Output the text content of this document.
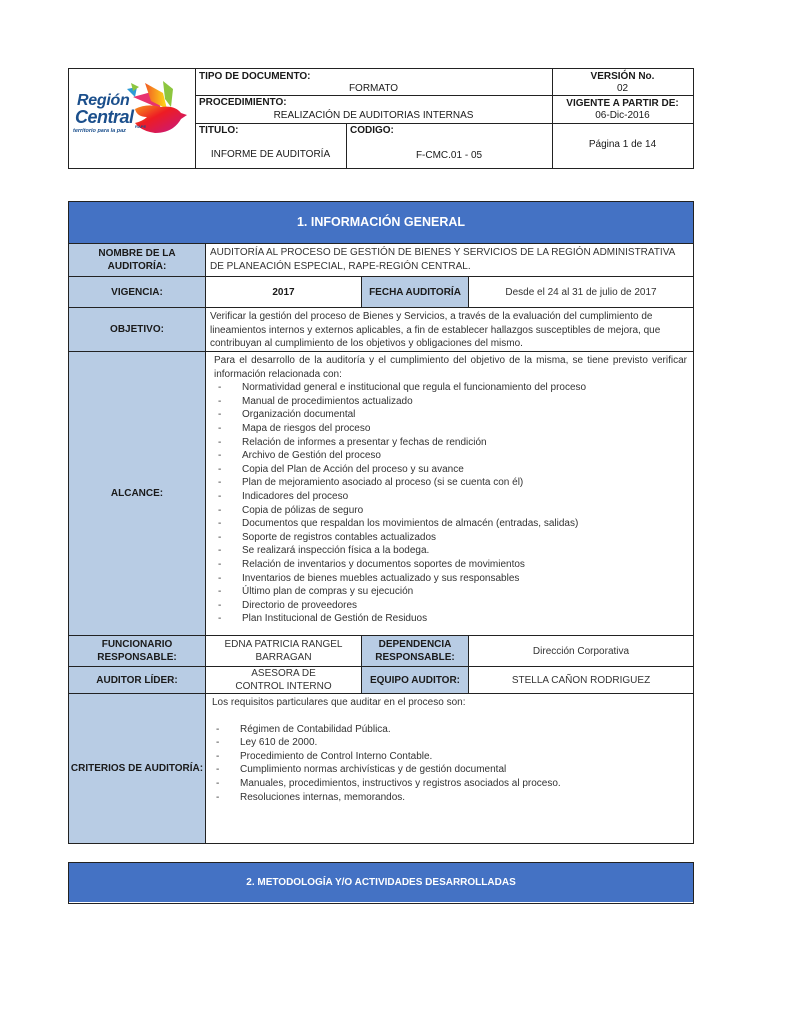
Región
Central RAPE
territorio para la paz
TIPO DE DOCUMENTO:
FORMATO
VERSIÓN No.
02
PROCEDIMIENTO:
REALIZACIÓN DE AUDITORIAS INTERNAS
VIGENTE A PARTIR DE:
06-Dic-2016
TITULO:
INFORME DE AUDITORÍA
CODIGO:
F-CMC.01 - 05
Página 1 de 14
1. INFORMACIÓN GENERAL
NOMBRE DE LA AUDITORÍA:
AUDITORÍA AL PROCESO DE GESTIÓN DE BIENES Y SERVICIOS DE LA REGIÓN ADMINISTRATIVA DE PLANEACIÓN ESPECIAL, RAPE-REGIÓN CENTRAL.
VIGENCIA:	2017	FECHA AUDITORÍA	Desde el 24 al 31 de julio de 2017
OBJETIVO:
Verificar la gestión del proceso de Bienes y Servicios, a través de la evaluación del cumplimiento de lineamientos internos y externos aplicables, a fin de establecer hallazgos susceptibles de mejora, que contribuyan al cumplimiento de los objetivos y obligaciones del mismo.
ALCANCE:
Para el desarrollo de la auditoría y el cumplimiento del objetivo de la misma, se tiene previsto verificar información relacionada con:
- Normatividad general e institucional que regula el funcionamiento del proceso
- Manual de procedimientos actualizado
- Organización documental
- Mapa de riesgos del proceso
- Relación de informes a presentar y fechas de rendición
- Archivo de Gestión del proceso
- Copia del Plan de Acción del proceso y su avance
- Plan de mejoramiento asociado al proceso (si se cuenta con él)
- Indicadores del proceso
- Copia de pólizas de seguro
- Documentos que respaldan los movimientos de almacén (entradas, salidas)
- Soporte de registros contables actualizados
- Se realizará inspección física a la bodega.
- Relación de inventarios y documentos soportes de movimientos
- Inventarios de bienes muebles actualizado y sus responsables
- Último plan de compras y su ejecución
- Directorio de proveedores
- Plan Institucional de Gestión de Residuos
FUNCIONARIO RESPONSABLE:
EDNA PATRICIA RANGEL BARRAGAN
DEPENDENCIA RESPONSABLE:
Dirección Corporativa
AUDITOR LÍDER:
ASESORA DE CONTROL INTERNO
EQUIPO AUDITOR:	STELLA CAÑON RODRIGUEZ
CRITERIOS DE AUDITORÍA:
Los requisitos particulares que auditar en el proceso son:
- Régimen de Contabilidad Pública.
- Ley 610 de 2000.
- Procedimiento de Control Interno Contable.
- Cumplimiento normas archivísticas y de gestión documental
- Manuales, procedimientos, instructivos y registros asociados al proceso.
- Resoluciones internas, memorandos.
2. METODOLOGÍA Y/O ACTIVIDADES DESARROLLADAS
